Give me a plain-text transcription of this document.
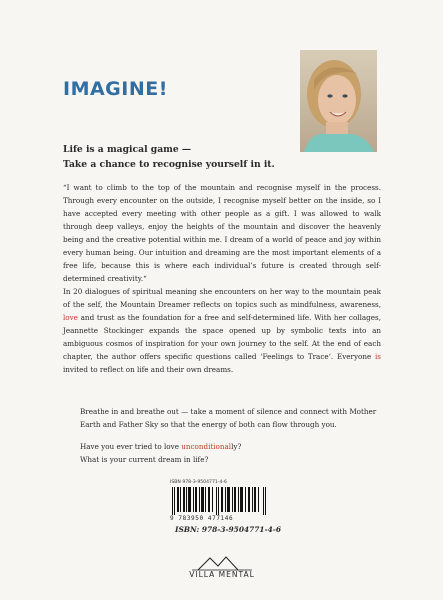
IMAGINE!
Life is a magical game —
Take a chance to recognise yourself in it.
“I want to climb to the top of the mountain and recognise myself in the process. Through every encounter on the outside, I recognise myself better on the inside, so I have accepted every meeting with other people as a gift. I was allowed to walk through deep valleys, enjoy the heights of the mountain and discover the heavenly being and the creative potential within me. I dream of a world of peace and joy within every human being. Our intuition and dreaming are the most important elements of a free life, because this is where each individual’s future is created through self-determined creativity.“
In 20 dialogues of spiritual meaning she encounters on her way to the mountain peak of the self, the Mountain Dreamer reflects on topics such as mindfulness, awareness, love and trust as the foundation for a free and self-determined life. With her collages, Jeannette Stockinger expands the space opened up by symbolic texts into an ambiguous cosmos of inspiration for your own journey to the self. At the end of each chapter, the author offers specific questions called ‘Feelings to Trace‘. Everyone is invited to reflect on life and their own dreams.
Breathe in and breathe out — take a moment of silence and connect with Mother Earth and Father Sky so that the energy of both can flow through you.
Have you ever tried to love unconditionally?
What is your current dream in life?
ISBN 978-3-9504771-4-6
9 783950 477146
ISBN: 978-3-9504771-4-6
VILLA MENTAL
